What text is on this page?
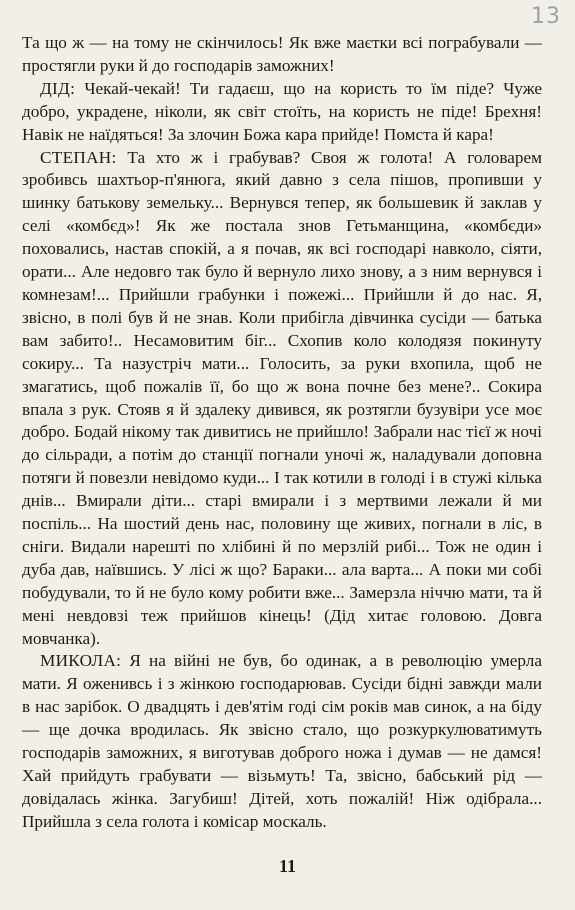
13

Та що ж — на тому не скінчилось! Як вже маєтки всі пограбували — простягли руки й до господарів заможних!

ДІД: Чекай-чекай! Ти гадаєш, що на користь то їм піде? Чуже добро, украдене, ніколи, як світ стоїть, на користь не піде! Брехня! Навік не наїдяться! За злочин Божа кара прийде! Помста й кара!

СТЕПАН: Та хто ж і грабував? Своя ж голота! А головарем зробивсь шахтьор-п'янюга, який давно з села пішов, пропивши у шинку батькову земельку... Вернувся тепер, як большевик й заклав у селі «комбєд»! Як же постала знов Гетьманщина, «комбєди» поховались, настав спокій, а я почав, як всі господарі навколо, сіяти, орати... Але недовго так було й вернуло лихо знову, а з ним вернувся і комнезам!... Прийшли грабунки і пожежі... Прийшли й до нас. Я, звісно, в полі був й не знав. Коли прибігла дівчинка сусіди — батька вам забито!.. Несамовитим біг... Схопив коло колодязя покинуту сокиру... Та назустріч мати... Голосить, за руки вхопила, щоб не змагатись, щоб пожалів її, бо що ж вона почне без мене?.. Сокира впала з рук. Стояв я й здалеку дивився, як розтягли бузувіри усе моє добро. Бодай нікому так дивитись не прийшло! Забрали нас тієї ж ночі до сільради, а потім до станції погнали уночі ж, наладували доповна потяги й повезли невідомо куди... І так котили в голоді і в стужі кілька днів... Вмирали діти... старі вмирали і з мертвими лежали й ми поспіль... На шостий день нас, половину ще живих, погнали в ліс, в сніги. Видали нарешті по хлібині й по мерзлій рибі... Тож не один і дуба дав, наївшись. У лісі ж що? Бараки... ала варта... А поки ми собі побудували, то й не було кому робити вже... Замерзла ніччю мати, та й мені невдовзі теж прийшов кінець! (Дід хитає головою. Довга мовчанка).

МИКОЛА: Я на війні не був, бо одинак, а в революцію умерла мати. Я оженивсь і з жінкою господарював. Сусіди бідні завжди мали в нас зарібок. О двадцять і дев'ятім годі сім років мав синок, а на біду — ще дочка вродилась. Як звісно стало, що розкуркулюватимуть господарів заможних, я виготував доброго ножа і думав — не дамся! Хай прийдуть грабувати — візьмуть! Та, звісно, бабський рід — довідалась жінка. Загубиш! Дітей, хоть пожалій! Ніж одібрала... Прийшла з села голота і комісар москаль.

11
